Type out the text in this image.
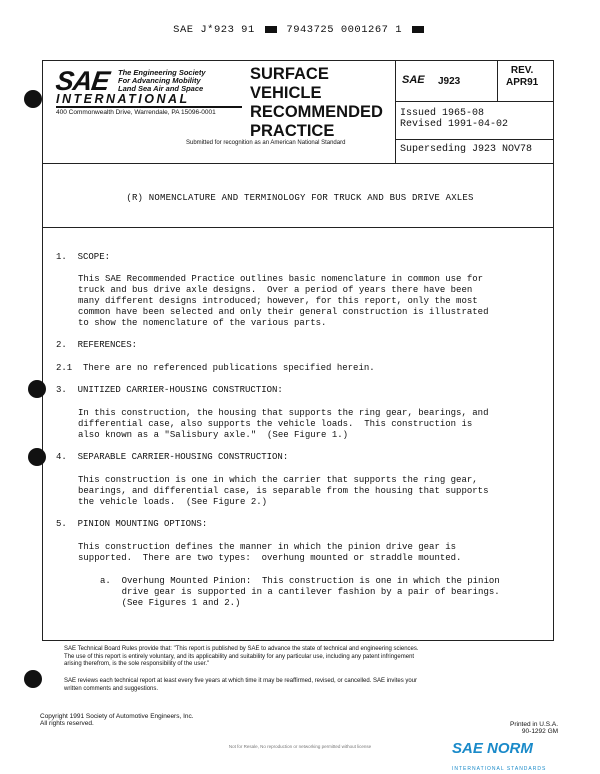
SAE J*923 91	7943725 0001267 1
SAE The Engineering Society
For Advancing Mobility
Land Sea Air and Space
INTERNATIONAL
400 Commonwealth Drive, Warrendale, PA 15096-0001
SURFACE
VEHICLE
RECOMMENDED
PRACTICE
Submitted for recognition as an American National Standard
SAE J923
REV.
APR91
Issued 1965-08
Revised 1991-04-02
Superseding J923 NOV78
(R) NOMENCLATURE AND TERMINOLOGY FOR TRUCK AND BUS DRIVE AXLES
1.  SCOPE:
This SAE Recommended Practice outlines basic nomenclature in common use for
truck and bus drive axle designs.  Over a period of years there have been
many different designs introduced; however, for this report, only the most
common have been selected and only their general construction is illustrated
to show the nomenclature of the various parts.
2.  REFERENCES:
2.1  There are no referenced publications specified herein.
3.  UNITIZED CARRIER-HOUSING CONSTRUCTION:
In this construction, the housing that supports the ring gear, bearings, and
differential case, also supports the vehicle loads.  This construction is
also known as a "Salisbury axle."  (See Figure 1.)
4.  SEPARABLE CARRIER-HOUSING CONSTRUCTION:
This construction is one in which the carrier that supports the ring gear,
bearings, and differential case, is separable from the housing that supports
the vehicle loads.  (See Figure 2.)
5.  PINION MOUNTING OPTIONS:
This construction defines the manner in which the pinion drive gear is
supported.  There are two types:  overhung mounted or straddle mounted.
a.  Overhung Mounted Pinion:  This construction is one in which the pinion
drive gear is supported in a cantilever fashion by a pair of bearings.
(See Figures 1 and 2.)
SAE Technical Board Rules provide that: "This report is published by SAE to advance the state of technical and engineering sciences.
The use of this report is entirely voluntary, and its applicability and suitability for any particular use, including any patent infringement
arising therefrom, is the sole responsibility of the user."
SAE reviews each technical report at least every five years at which time it may be reaffirmed, revised, or cancelled. SAE invites your
written comments and suggestions.
Copyright 1991 Society of Automotive Engineers, Inc.
All rights reserved.	Printed in U.S.A.
90-1292 GM
Not for Resale, No reproduction or networking permitted without license	SAE NORM
INTERNATIONAL STANDARDS
